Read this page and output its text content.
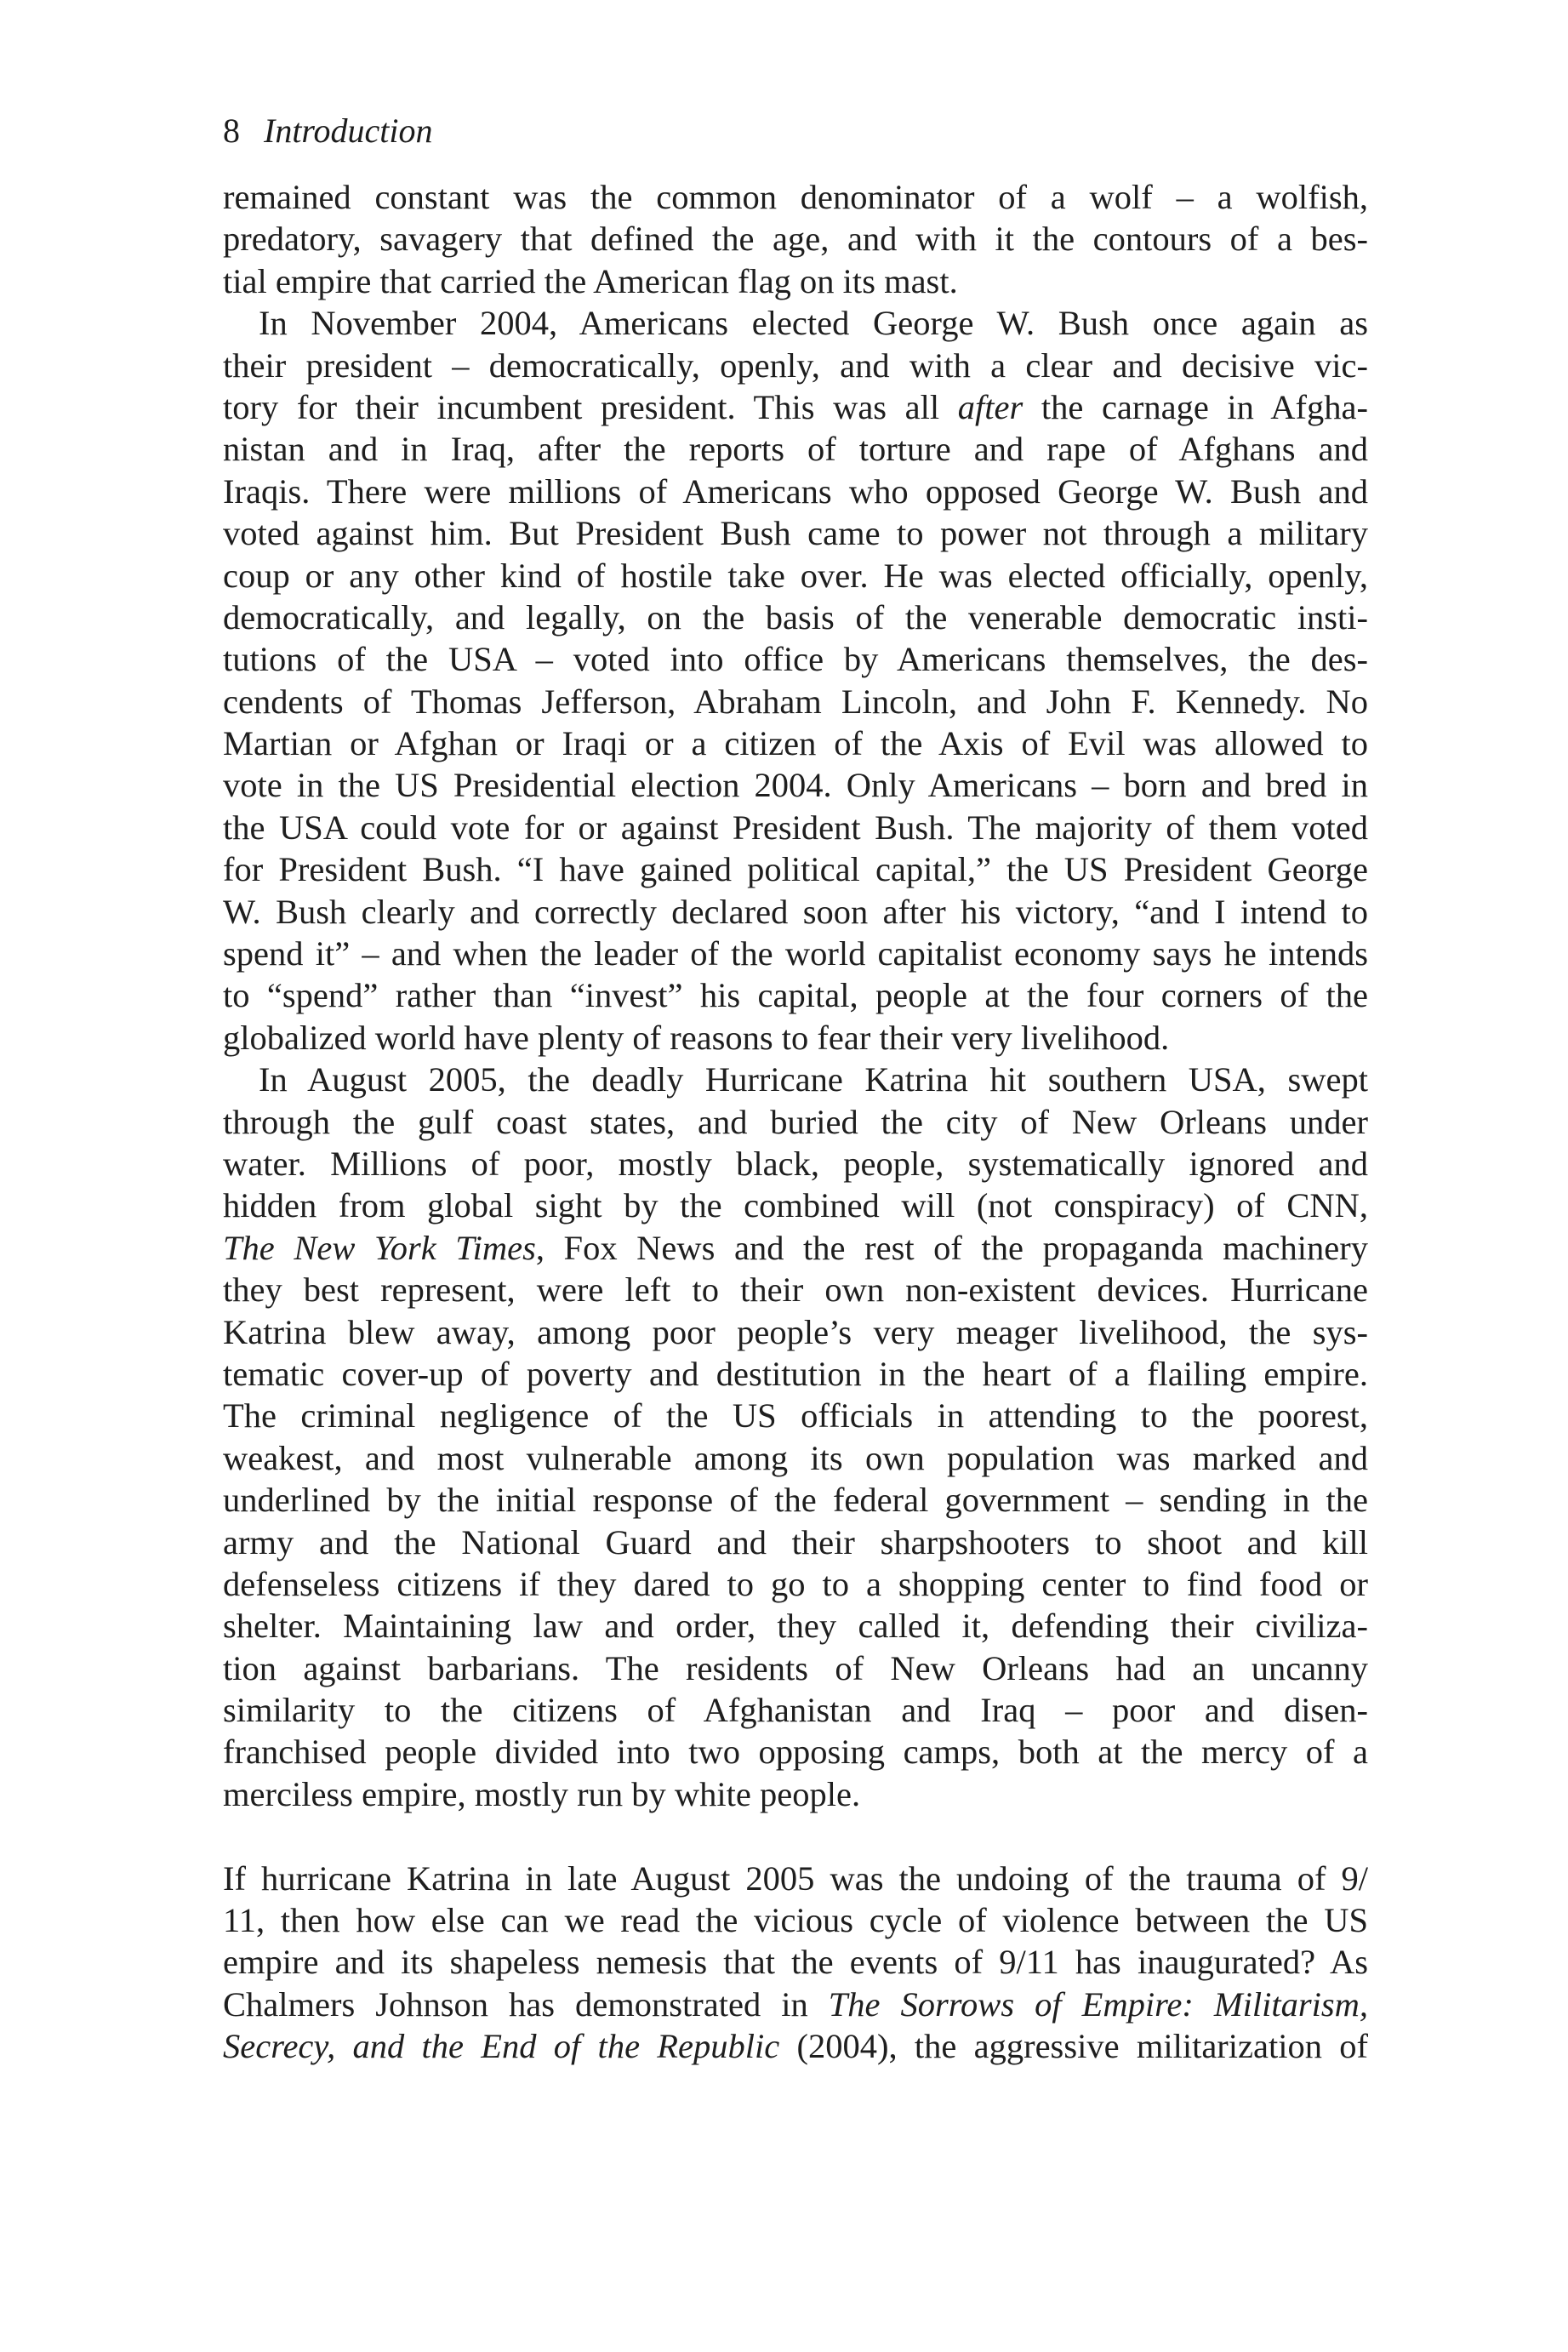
8 Introduction
remained constant was the common denominator of a wolf – a wolfish,
predatory, savagery that defined the age, and with it the contours of a bes-
tial empire that carried the American flag on its mast.
In November 2004, Americans elected George W. Bush once again as
their president – democratically, openly, and with a clear and decisive vic-
tory for their incumbent president. This was all after the carnage in Afgha-
nistan and in Iraq, after the reports of torture and rape of Afghans and
Iraqis. There were millions of Americans who opposed George W. Bush and
voted against him. But President Bush came to power not through a military
coup or any other kind of hostile take over. He was elected officially, openly,
democratically, and legally, on the basis of the venerable democratic insti-
tutions of the USA – voted into office by Americans themselves, the des-
cendents of Thomas Jefferson, Abraham Lincoln, and John F. Kennedy. No
Martian or Afghan or Iraqi or a citizen of the Axis of Evil was allowed to
vote in the US Presidential election 2004. Only Americans – born and bred in
the USA could vote for or against President Bush. The majority of them voted
for President Bush. “I have gained political capital,” the US President George
W. Bush clearly and correctly declared soon after his victory, “and I intend to
spend it” – and when the leader of the world capitalist economy says he intends
to “spend” rather than “invest” his capital, people at the four corners of the
globalized world have plenty of reasons to fear their very livelihood.
In August 2005, the deadly Hurricane Katrina hit southern USA, swept
through the gulf coast states, and buried the city of New Orleans under
water. Millions of poor, mostly black, people, systematically ignored and
hidden from global sight by the combined will (not conspiracy) of CNN,
The New York Times, Fox News and the rest of the propaganda machinery
they best represent, were left to their own non-existent devices. Hurricane
Katrina blew away, among poor people’s very meager livelihood, the sys-
tematic cover-up of poverty and destitution in the heart of a flailing empire.
The criminal negligence of the US officials in attending to the poorest,
weakest, and most vulnerable among its own population was marked and
underlined by the initial response of the federal government – sending in the
army and the National Guard and their sharpshooters to shoot and kill
defenseless citizens if they dared to go to a shopping center to find food or
shelter. Maintaining law and order, they called it, defending their civiliza-
tion against barbarians. The residents of New Orleans had an uncanny
similarity to the citizens of Afghanistan and Iraq – poor and disen-
franchised people divided into two opposing camps, both at the mercy of a
merciless empire, mostly run by white people.
If hurricane Katrina in late August 2005 was the undoing of the trauma of 9/
11, then how else can we read the vicious cycle of violence between the US
empire and its shapeless nemesis that the events of 9/11 has inaugurated? As
Chalmers Johnson has demonstrated in The Sorrows of Empire: Militarism,
Secrecy, and the End of the Republic (2004), the aggressive militarization of
